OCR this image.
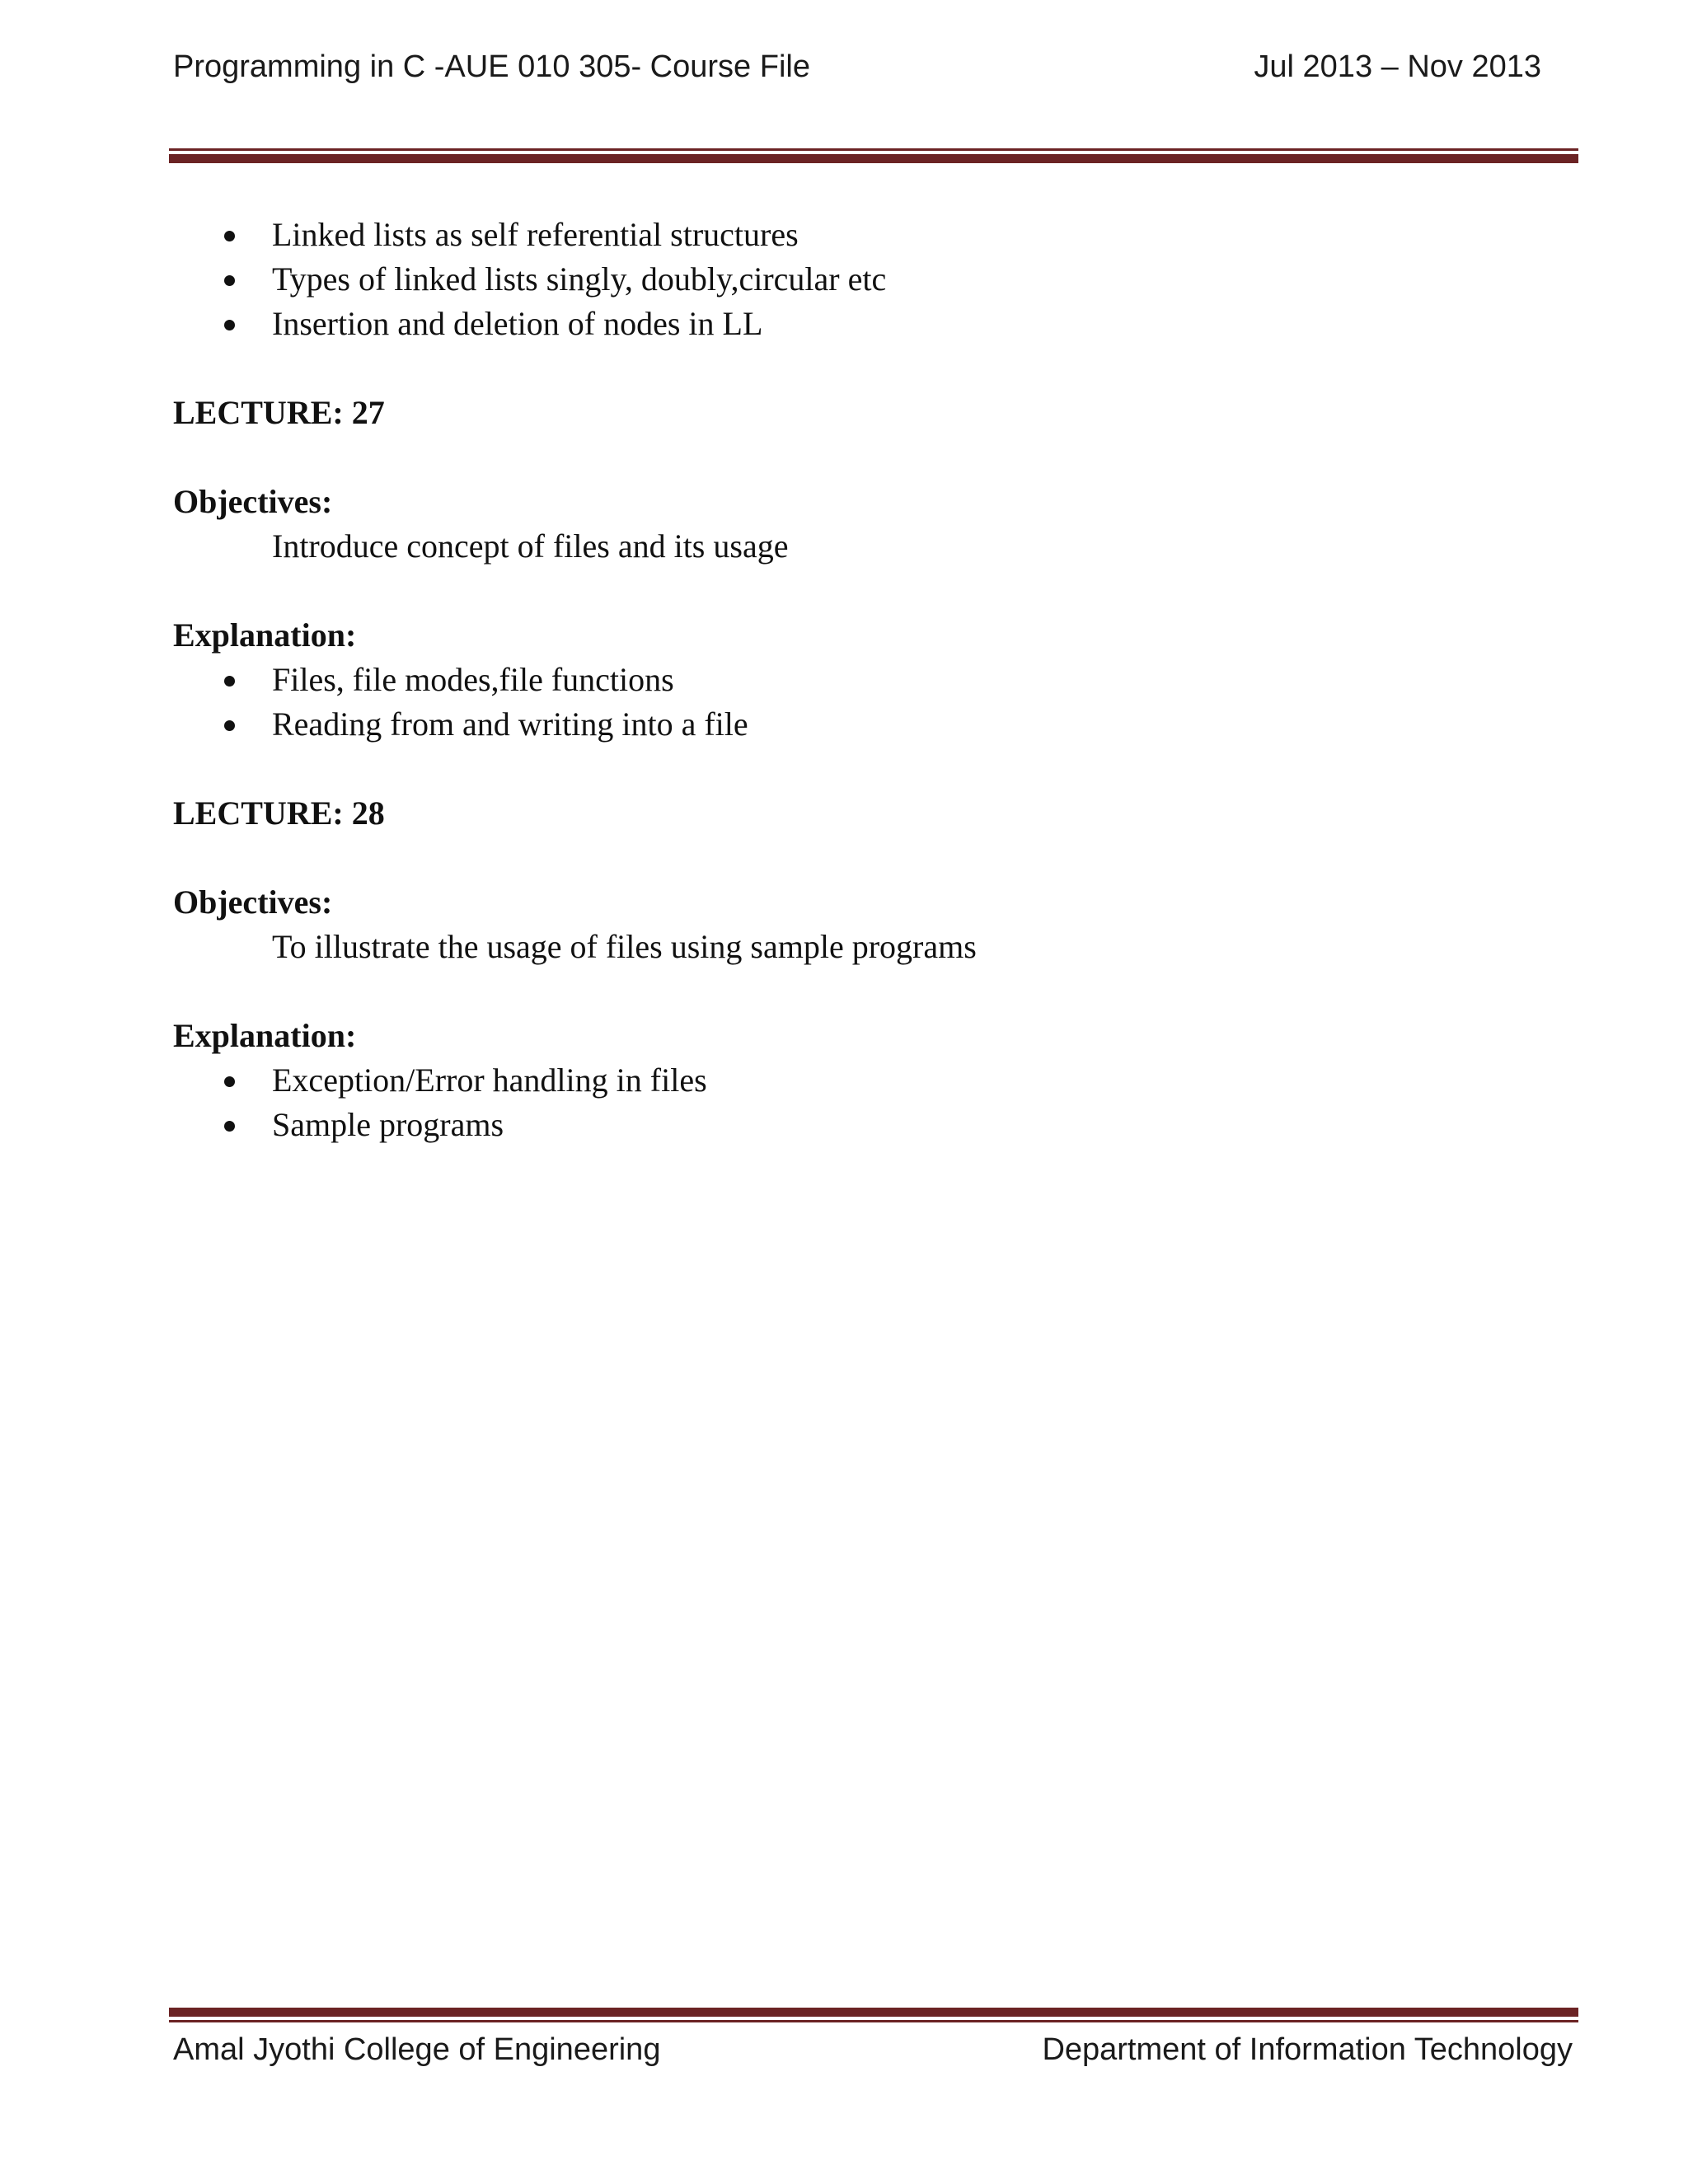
Programming in C -AUE 010 305- Course File	Jul 2013 – Nov 2013
Linked lists as self referential structures
Types of linked lists singly, doubly,circular etc
Insertion and deletion of nodes in LL
LECTURE: 27
Objectives:
Introduce concept of files and its usage
Explanation:
Files, file modes,file functions
Reading from and writing into a file
LECTURE: 28
Objectives:
To illustrate the usage of files using sample programs
Explanation:
Exception/Error handling in files
Sample programs
Amal Jyothi College of Engineering	Department of Information Technology
